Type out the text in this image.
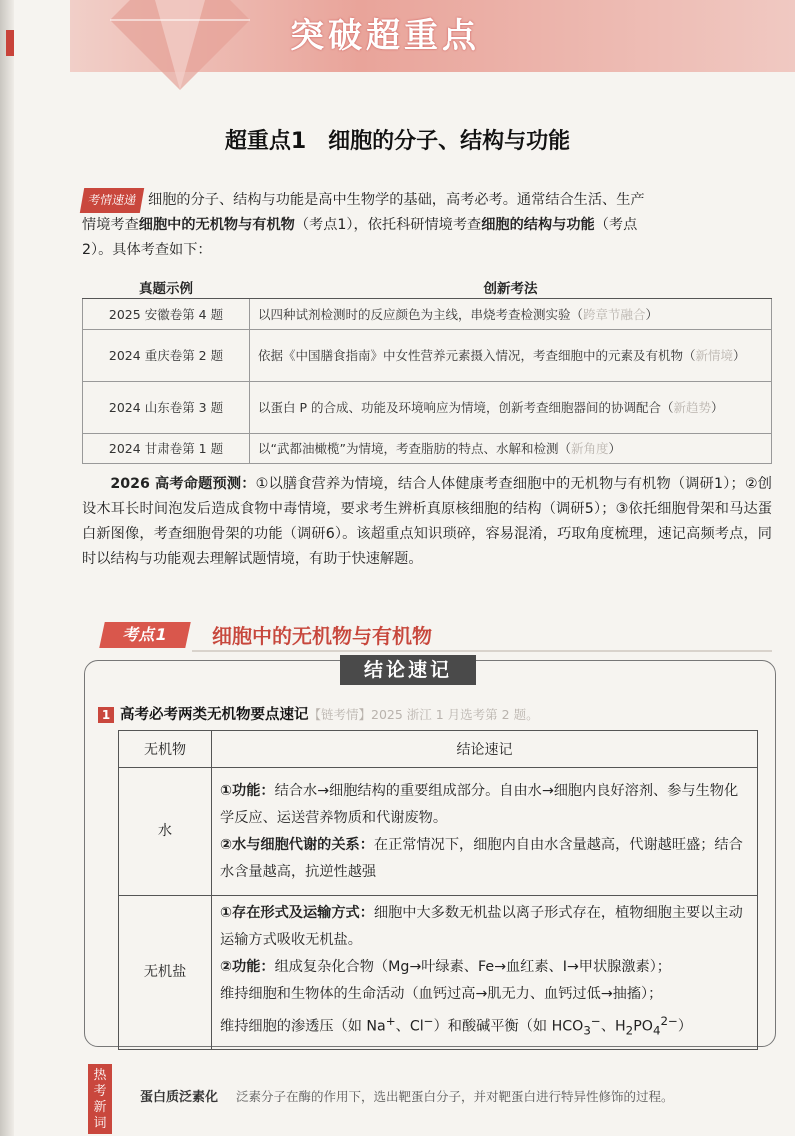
突破超重点
超重点1　细胞的分子、结构与功能
考情速递 细胞的分子、结构与功能是高中生物学的基础，高考必考。通常结合生活、生产
情境考查细胞中的无机物与有机物（考点1），依托科研情境考查细胞的结构与功能（考点
2）。具体考查如下：
真题示例	创新考法
2025 安徽卷第 4 题	以四种试剂检测时的反应颜色为主线，串烧考查检测实验（跨章节融合）
2024 重庆卷第 2 题	依据《中国膳食指南》中女性营养元素摄入情况，考查细胞中的元素及有机物（新情境）
2024 山东卷第 3 题	以蛋白 P 的合成、功能及环境响应为情境，创新考查细胞器间的协调配合（新趋势）
2024 甘肃卷第 1 题	以“武都油橄榄”为情境，考查脂肪的特点、水解和检测（新角度）
2026 高考命题预测：①以膳食营养为情境，结合人体健康考查细胞中的无机物与有机物（调研1）；②创设木耳长时间泡发后造成食物中毒情境，要求考生辨析真原核细胞的结构（调研5）；③依托细胞骨架和马达蛋白新图像，考查细胞骨架的功能（调研6）。该超重点知识琐碎，容易混淆，巧取角度梳理，速记高频考点，同时以结构与功能观去理解试题情境，有助于快速解题。
考点1	细胞中的无机物与有机物
结论速记
1 高考必考两类无机物要点速记【链考情】2025 浙江 1 月选考第 2 题。
无机物	结论速记
水	①功能：结合水→细胞结构的重要组成部分。自由水→细胞内良好溶剂、参与生物化学反应、运送营养物质和代谢废物。
②水与细胞代谢的关系：在正常情况下，细胞内自由水含量越高，代谢越旺盛；结合水含量越高，抗逆性越强
无机盐	①存在形式及运输方式：细胞中大多数无机盐以离子形式存在，植物细胞主要以主动运输方式吸收无机盐。
②功能：组成复杂化合物（Mg→叶绿素、Fe→血红素、I→甲状腺激素）；
维持细胞和生物体的生命活动（血钙过高→肌无力、血钙过低→抽搐）；
维持细胞的渗透压（如 Na+、Cl−）和酸碱平衡（如 $HCO_3^-$、$H_2PO_4^{2-}$）
热考新词
蛋白质泛素化 泛素分子在酶的作用下，选出靶蛋白分子，并对靶蛋白进行特异性修饰的过程。
